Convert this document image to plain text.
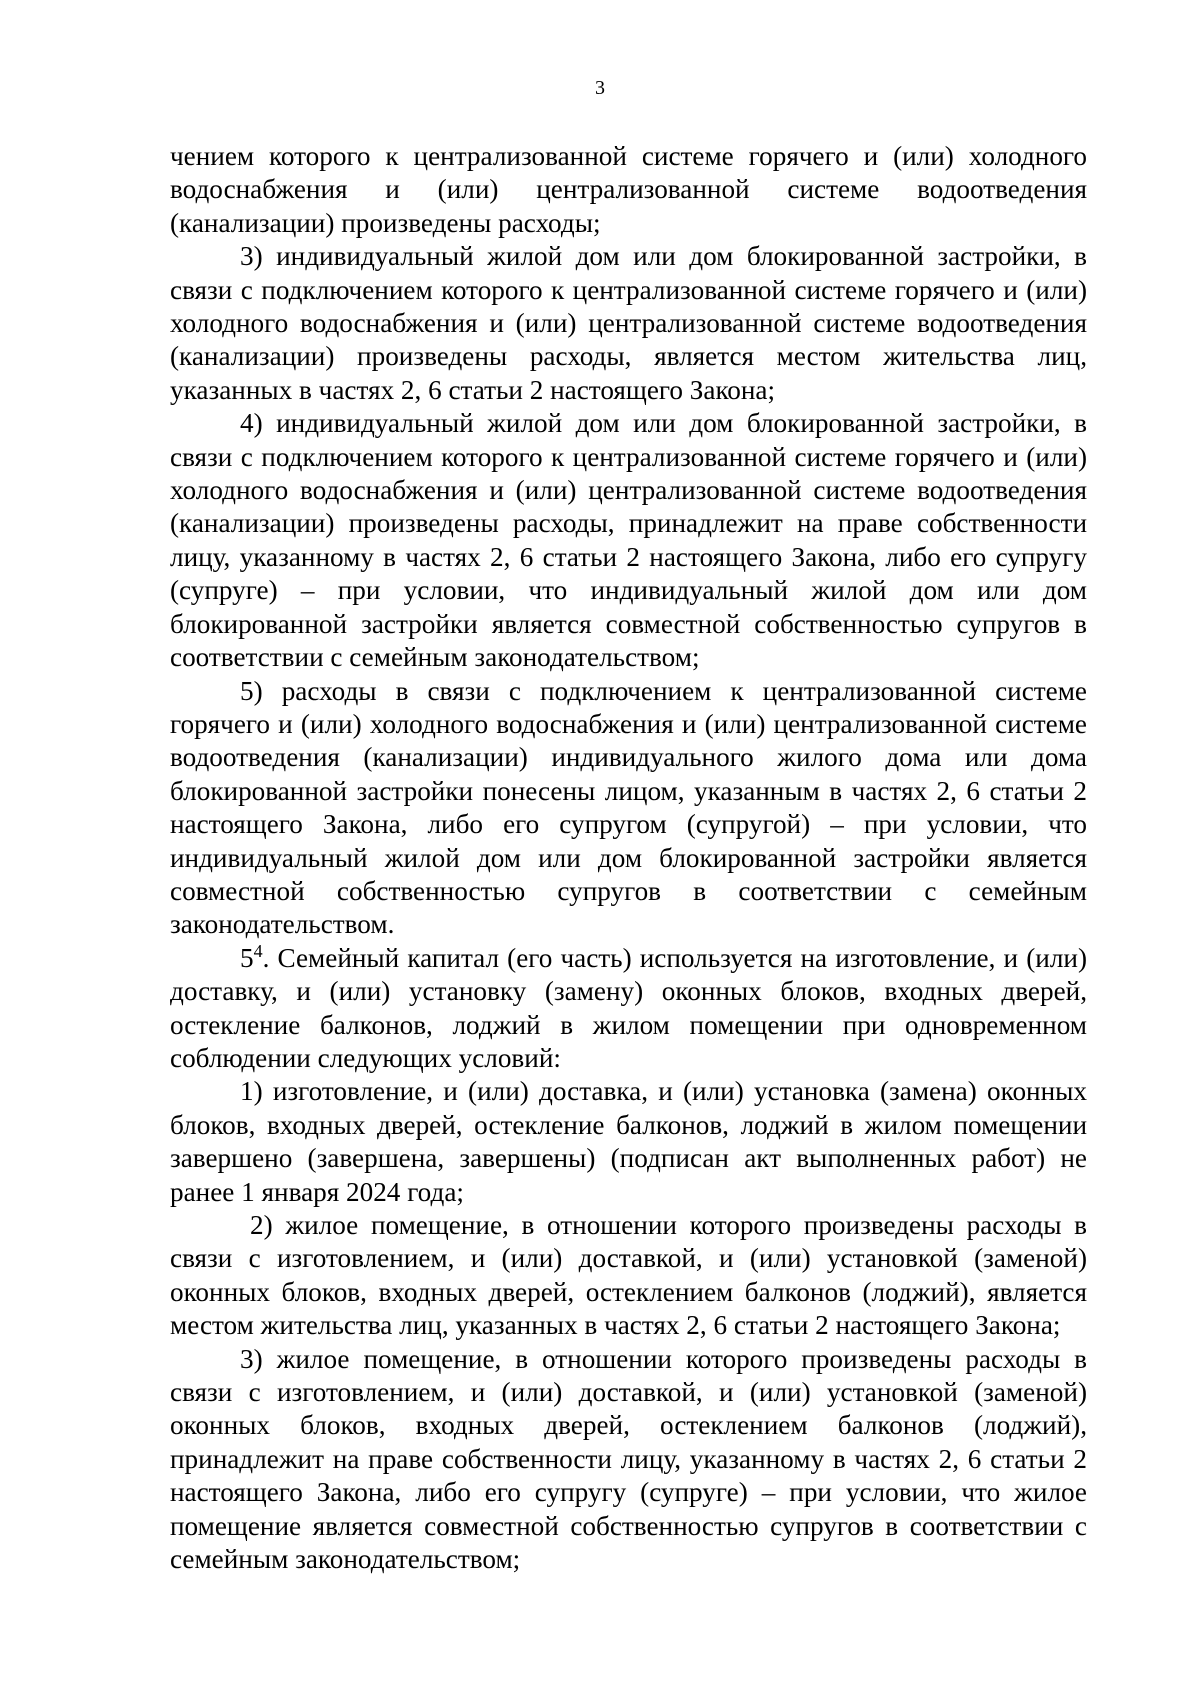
3

чением которого к централизованной системе горячего и (или) холодного водоснабжения и (или) централизованной системе водоотведения (канализации) произведены расходы;

3) индивидуальный жилой дом или дом блокированной застройки, в связи с подключением которого к централизованной системе горячего и (или) холодного водоснабжения и (или) централизованной системе водоотведения (канализации) произведены расходы, является местом жительства лиц, указанных в частях 2, 6 статьи 2 настоящего Закона;

4) индивидуальный жилой дом или дом блокированной застройки, в связи с подключением которого к централизованной системе горячего и (или) холодного водоснабжения и (или) централизованной системе водоотведения (канализации) произведены расходы, принадлежит на праве собственности лицу, указанному в частях 2, 6 статьи 2 настоящего Закона, либо его супругу (супруге) – при условии, что индивидуальный жилой дом или дом блокированной застройки является совместной собственностью супругов в соответствии с семейным законодательством;

5) расходы в связи с подключением к централизованной системе горячего и (или) холодного водоснабжения и (или) централизованной системе водоотведения (канализации) индивидуального жилого дома или дома блокированной застройки понесены лицом, указанным в частях 2, 6 статьи 2 настоящего Закона, либо его супругом (супругой) – при условии, что индивидуальный жилой дом или дом блокированной застройки является совместной собственностью супругов в соответствии с семейным законодательством.

$5^4$. Семейный капитал (его часть) используется на изготовление, и (или) доставку, и (или) установку (замену) оконных блоков, входных дверей, остекление балконов, лоджий в жилом помещении при одновременном соблюдении следующих условий:

1) изготовление, и (или) доставка, и (или) установка (замена) оконных блоков, входных дверей, остекление балконов, лоджий в жилом помещении завершено (завершена, завершены) (подписан акт выполненных работ) не ранее 1 января 2024 года;

2) жилое помещение, в отношении которого произведены расходы в связи с изготовлением, и (или) доставкой, и (или) установкой (заменой) оконных блоков, входных дверей, остеклением балконов (лоджий), является местом жительства лиц, указанных в частях 2, 6 статьи 2 настоящего Закона;

3) жилое помещение, в отношении которого произведены расходы в связи с изготовлением, и (или) доставкой, и (или) установкой (заменой) оконных блоков, входных дверей, остеклением балконов (лоджий), принадлежит на праве собственности лицу, указанному в частях 2, 6 статьи 2 настоящего Закона, либо его супругу (супруге) – при условии, что жилое помещение является совместной собственностью супругов в соответствии с семейным законодательством;
